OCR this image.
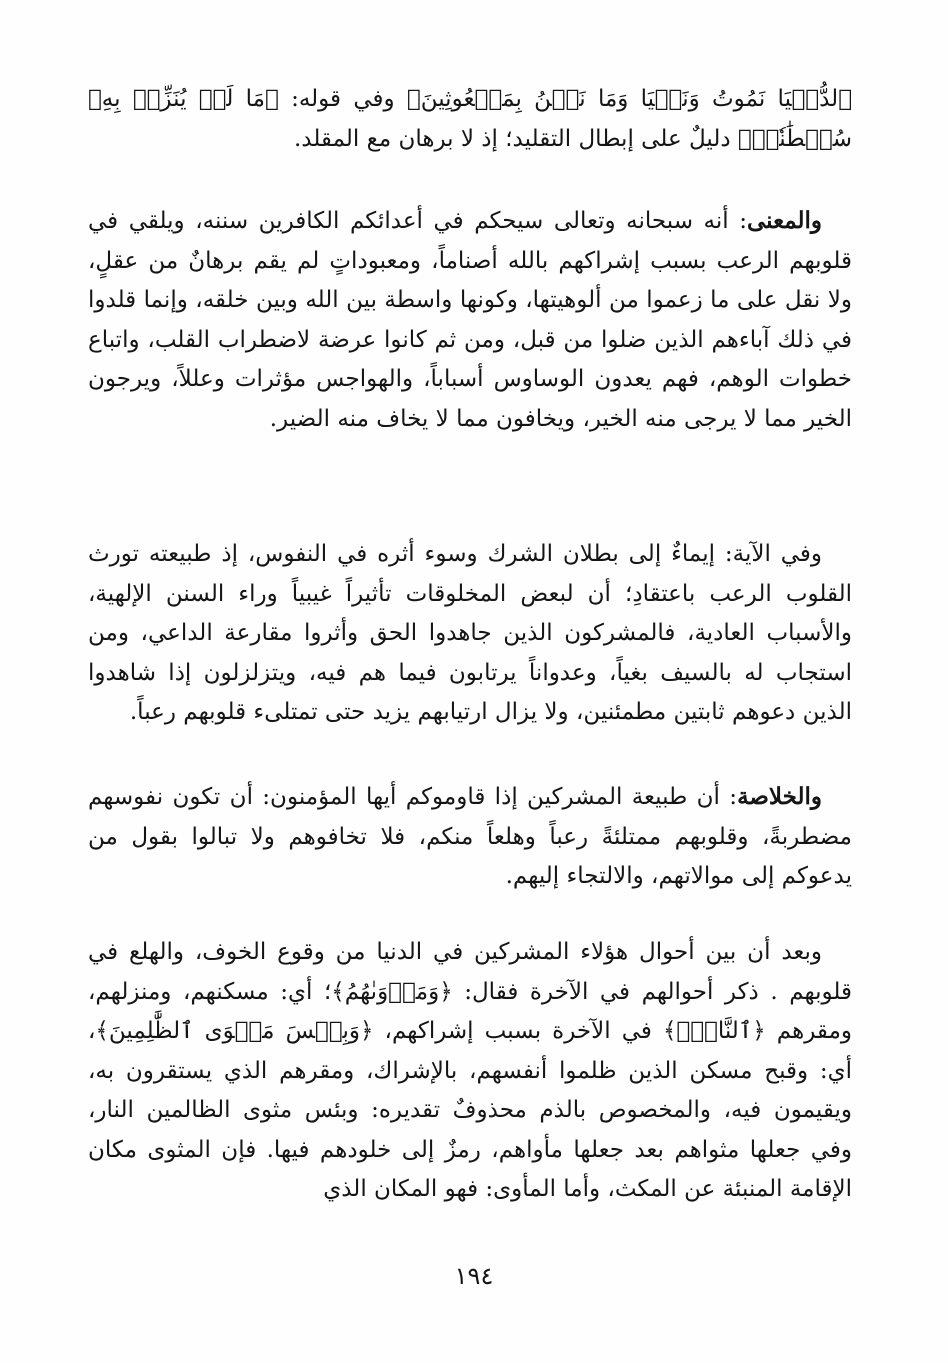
ٱلدُّنۡيَا نَمُوتُ وَنَحۡيَا وَمَا نَحۡنُ بِمَبۡعُوثِينَ﴾ وفي قوله: ﴿مَا لَمۡ يُنَزِّلۡ بِهِۦ سُلۡطَٰنٗاۖ﴾ دليلٌ على إبطال التقليد؛ إذ لا برهان مع المقلد.

والمعنى: أنه سبحانه وتعالى سيحكم في أعدائكم الكافرين سننه، ويلقي في قلوبهم الرعب بسبب إشراكهم بالله أصناماً، ومعبوداتٍ لم يقم برهانٌ من عقلٍ، ولا نقل على ما زعموا من ألوهيتها، وكونها واسطة بين الله وبين خلقه، وإنما قلدوا في ذلك آباءهم الذين ضلوا من قبل، ومن ثم كانوا عرضة لاضطراب القلب، واتباع خطوات الوهم، فهم يعدون الوساوس أسباباً، والهواجس مؤثرات وعللاً، ويرجون الخير مما لا يرجى منه الخير، ويخافون مما لا يخاف منه الضير.

وفي الآية: إيماءٌ إلى بطلان الشرك وسوء أثره في النفوس، إذ طبيعته تورث القلوب الرعب باعتقادِ؛ أن لبعض المخلوقات تأثيراً غيبياً وراء السنن الإلهية، والأسباب العادية، فالمشركون الذين جاهدوا الحق وأثروا مقارعة الداعي، ومن استجاب له بالسيف بغياً، وعدواناً يرتابون فيما هم فيه، ويتزلزلون إذا شاهدوا الذين دعوهم ثابتين مطمئنين، ولا يزال ارتيابهم يزيد حتى تمتلىء قلوبهم رعباً.

والخلاصة: أن طبيعة المشركين إذا قاوموكم أيها المؤمنون: أن تكون نفوسهم مضطربةً، وقلوبهم ممتلئةً رعباً وهلعاً منكم، فلا تخافوهم ولا تبالوا بقول من يدعوكم إلى موالاتهم، والالتجاء إليهم.

وبعد أن بين أحوال هؤلاء المشركين في الدنيا من وقوع الخوف، والهلع في قلوبهم . ذكر أحوالهم في الآخرة فقال: ﴿وَمَأۡوَىٰهُمُ﴾؛ أي: مسكنهم، ومنزلهم، ومقرهم ﴿ٱلنَّارُۖ﴾ في الآخرة بسبب إشراكهم، ﴿وَبِئۡسَ مَثۡوَى ٱلظَّٰلِمِينَ﴾، أي: وقبح مسكن الذين ظلموا أنفسهم، بالإشراك، ومقرهم الذي يستقرون به، ويقيمون فيه، والمخصوص بالذم محذوفٌ تقديره: وبئس مثوى الظالمين النار، وفي جعلها مثواهم بعد جعلها مأواهم، رمزٌ إلى خلودهم فيها. فإن المثوى مكان الإقامة المنبئة عن المكث، وأما المأوى: فهو المكان الذي

١٩٤
